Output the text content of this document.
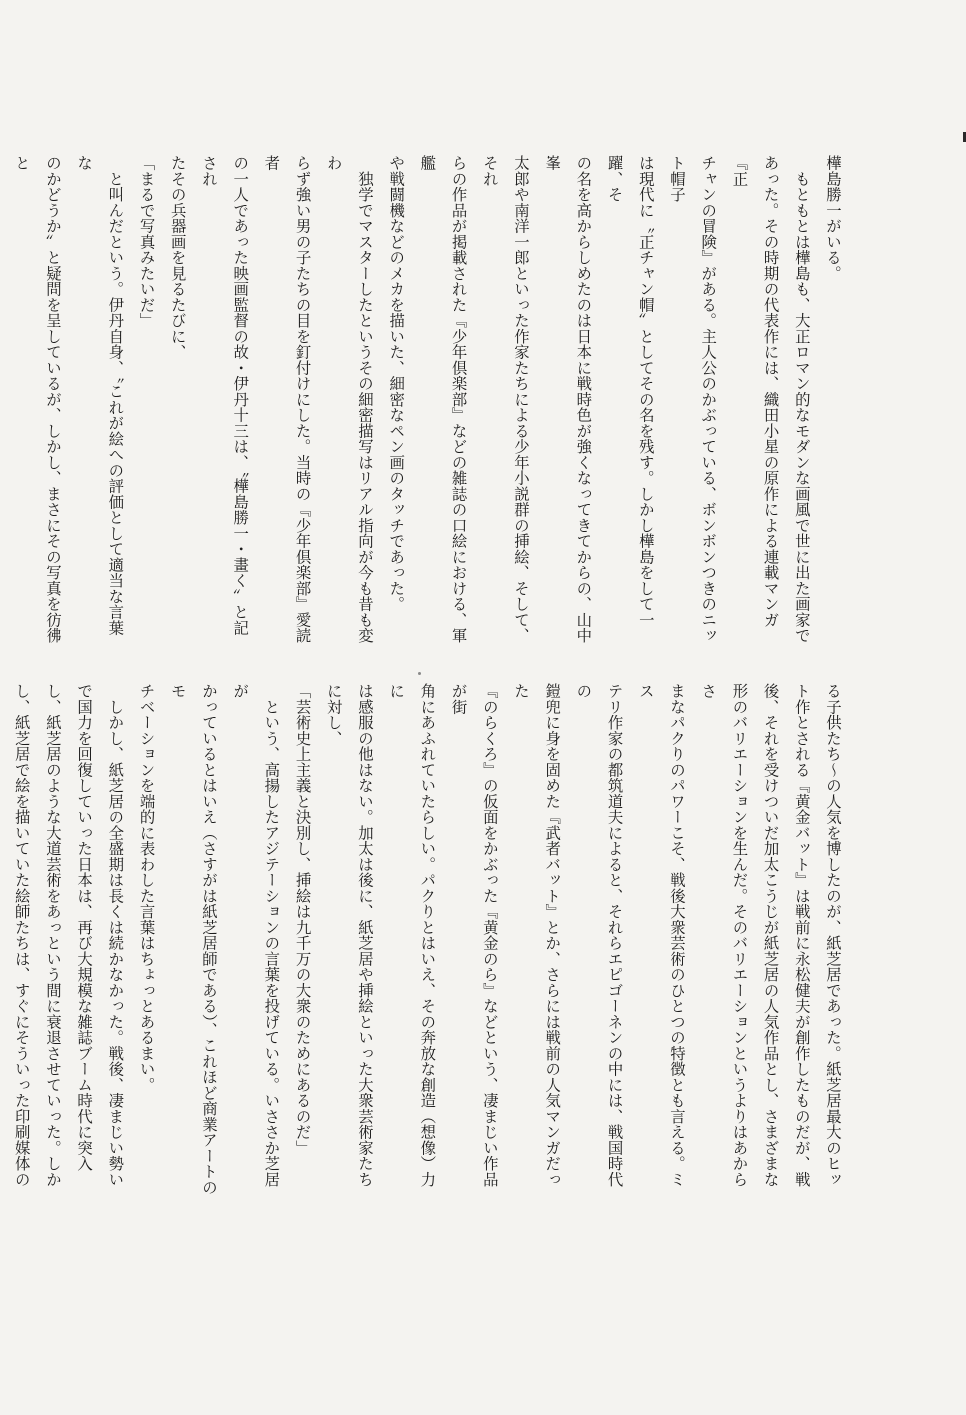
樺島勝一がいる。

　もともとは樺島も、大正ロマン的なモダンな画風で世に出た画家で

あった。その時期の代表作には、織田小星の原作による連載マンガ『正

チャンの冒険』がある。主人公のかぶっている、ボンボンつきのニット帽子

は現代に〝正チャン帽〟としてその名を残す。しかし樺島をして一躍、そ

の名を高からしめたのは日本に戦時色が強くなってきてからの、山中峯

太郎や南洋一郎といった作家たちによる少年小説群の挿絵、そして、それ

らの作品が掲載された『少年倶楽部』などの雑誌の口絵における、軍艦

や戦闘機などのメカを描いた、細密なペン画のタッチであった。

　独学でマスターしたというその細密描写はリアル指向が今も昔も変わ

らず強い男の子たちの目を釘付けにした。当時の『少年倶楽部』愛読者

の一人であった映画監督の故・伊丹十三は、〝樺島勝一・畫く〟と記され

たその兵器画を見るたびに、

「まるで写真みたいだ」

　と叫んだという。伊丹自身、〝これが絵への評価として適当な言葉な

のかどうか〟と疑問を呈しているが、しかし、まさにその写真を彷彿と

る子供たち～の人気を博したのが、紙芝居であった。紙芝居最大のヒッ

ト作とされる『黄金バット』は戦前に永松健夫が創作したものだが、戦

後、それを受けついだ加太こうじが紙芝居の人気作品とし、さまざまな

形のバリエーションを生んだ。そのバリエーションというよりはあからさ

まなパクりのパワーこそ、戦後大衆芸術のひとつの特徴とも言える。ミス

テリ作家の都筑道夫によると、それらエピゴーネンの中には、戦国時代の

鎧兜に身を固めた『武者バット』とか、さらには戦前の人気マンガだった

『のらくろ』の仮面をかぶった『黄金のら』などという、凄まじい作品が街

角にあふれていたらしい。パクりとはいえ、その奔放な創造（想像）力に

は感服の他はない。加太は後に、紙芝居や挿絵といった大衆芸術家たち

に対し、

「芸術史上主義と決別し、挿絵は九千万の大衆のためにあるのだ」

　という、高揚したアジテーションの言葉を投げている。いささか芝居が

かっているとはいえ（さすがは紙芝居師である）、これほど商業アートのモ

チベーションを端的に表わした言葉はちょっとあるまい。

　しかし、紙芝居の全盛期は長くは続かなかった。戦後、凄まじい勢い

で国力を回復していった日本は、再び大規模な雑誌ブーム時代に突入

し、紙芝居のような大道芸術をあっという間に衰退させていった。しか

し、紙芝居で絵を描いていた絵師たちは、すぐにそういった印刷媒体の
